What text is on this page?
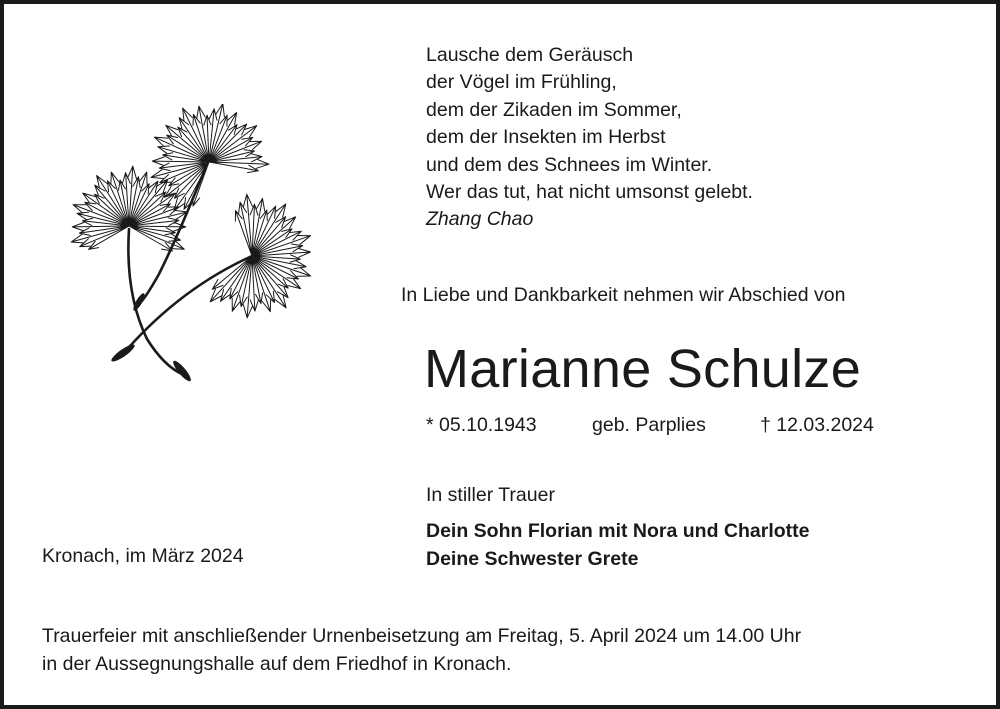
Lausche dem Geräusch
der Vögel im Frühling,
dem der Zikaden im Sommer,
dem der Insekten im Herbst
und dem des Schnees im Winter.
Wer das tut, hat nicht umsonst gelebt.
Zhang Chao
In Liebe und Dankbarkeit nehmen wir Abschied von
Marianne Schulze
* 05.10.1943	geb. Parplies	† 12.03.2024
In stiller Trauer
Dein Sohn Florian mit Nora und Charlotte
Deine Schwester Grete
Kronach, im März 2024
Trauerfeier mit anschließender Urnenbeisetzung am Freitag, 5. April 2024 um 14.00 Uhr
in der Aussegnungshalle auf dem Friedhof in Kronach.
